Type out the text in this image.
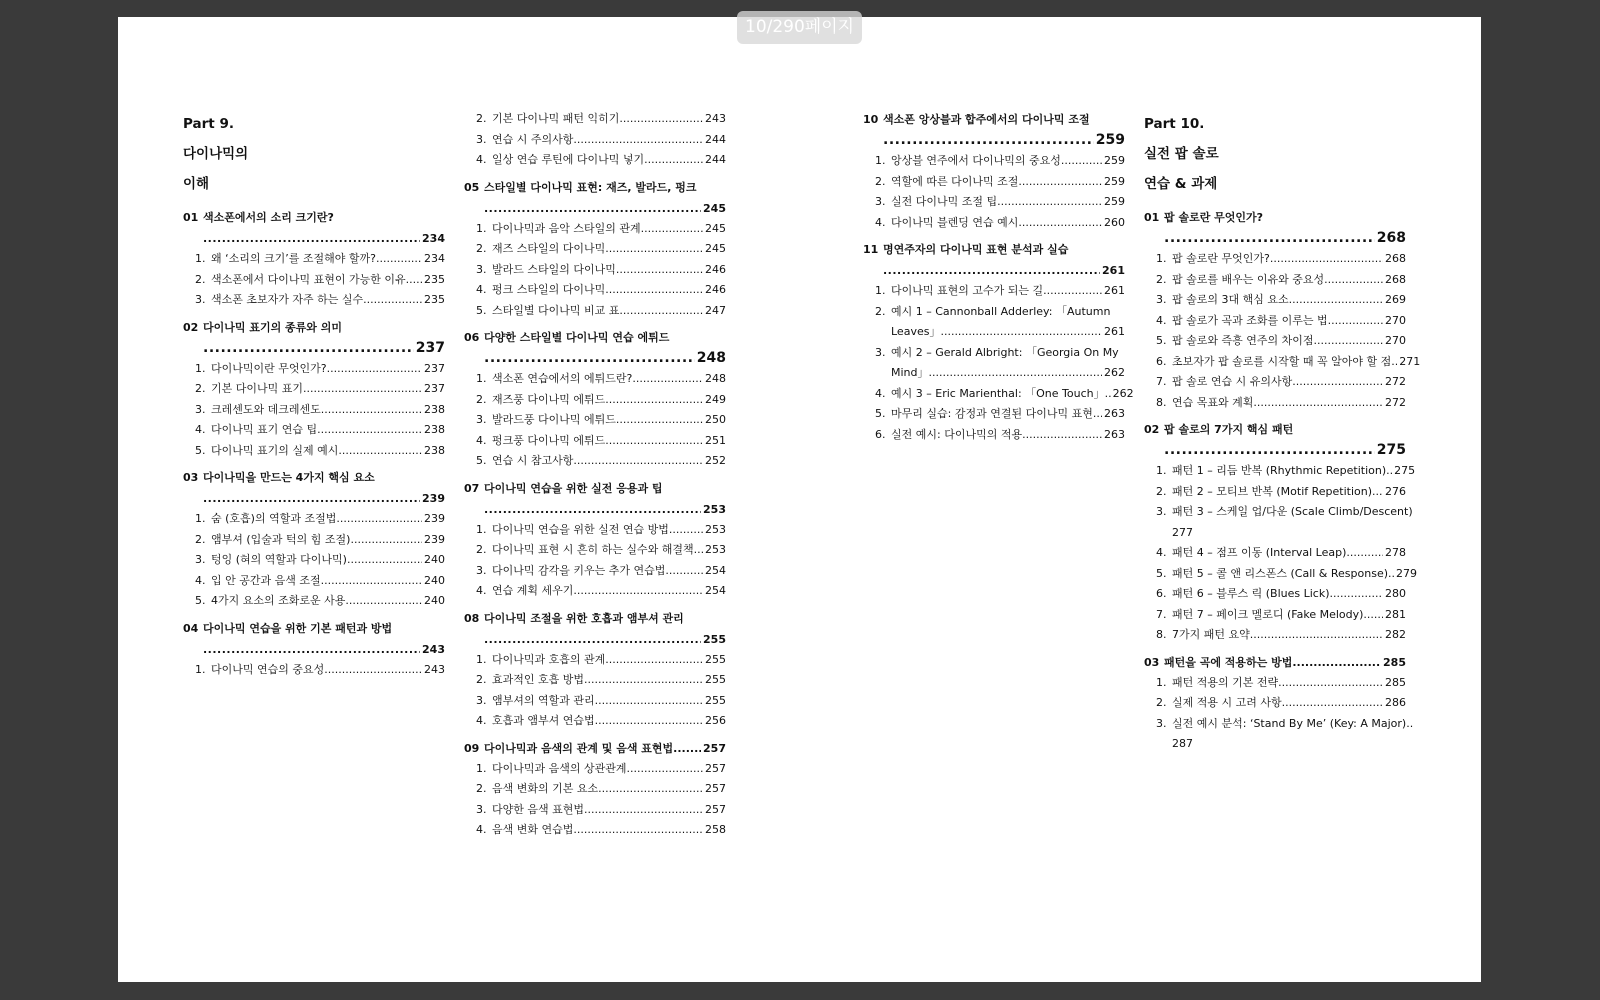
10/290페이지
Part 9.
다이나믹의
이해
01 색소폰에서의 소리 크기란?
.....
234
1. 왜 ‘소리의 크기’를 조절해야 할까? .....	234
2. 색소폰에서 다이나믹 표현이 가능한 이유 ..... 235
3. 색소폰 초보자가 자주 하는 실수 .....	235
02 다이나믹 표기의 종류와 의미
.....
237
1. 다이나믹이란 무엇인가? .....	237
2. 기본 다이나믹 표기 .....	237
3. 크레센도와 데크레센도 .....	238
4. 다이나믹 표기 연습 팁 .....	238
5. 다이나믹 표기의 실제 예시 .....	238
03 다이나믹을 만드는 4가지 핵심 요소
.....
239
1. 숨 (호흡)의 역할과 조절법 .....	239
2. 앰부셔 (입술과 턱의 힘 조절) .....	239
3. 텅잉 (혀의 역할과 다이나믹) .....	240
4. 입 안 공간과 음색 조절 .....	240
5. 4가지 요소의 조화로운 사용 .....	240
04 다이나믹 연습을 위한 기본 패턴과 방법
.....
243
1. 다이나믹 연습의 중요성 .....	243
2. 기본 다이나믹 패턴 익히기 .....	243
3. 연습 시 주의사항 .....	244
4. 일상 연습 루틴에 다이나믹 넣기 .....	244
05 스타일별 다이나믹 표현: 재즈, 발라드, 펑크
.....
245
1. 다이나믹과 음악 스타일의 관계 .....	245
2. 재즈 스타일의 다이나믹 .....	245
3. 발라드 스타일의 다이나믹 .....	246
4. 펑크 스타일의 다이나믹 .....	246
5. 스타일별 다이나믹 비교 표 .....	247
06 다양한 스타일별 다이나믹 연습 에튀드
.....
248
1. 색소폰 연습에서의 에튀드란? .....	248
2. 재즈풍 다이나믹 에튀드 .....	249
3. 발라드풍 다이나믹 에튀드 .....	250
4. 펑크풍 다이나믹 에튀드 .....	251
5. 연습 시 참고사항 .....	252
07 다이나믹 연습을 위한 실전 응용과 팁
.....
253
1. 다이나믹 연습을 위한 실전 연습 방법 .....	253
2. 다이나믹 표현 시 흔히 하는 실수와 해결책 ..... 253
3. 다이나믹 감각을 키우는 추가 연습법 .....	254
4. 연습 계획 세우기 .....	254
08 다이나믹 조절을 위한 호흡과 앰부셔 관리
.....
255
1. 다이나믹과 호흡의 관계 .....	255
2. 효과적인 호흡 방법 .....	255
3. 앰부셔의 역할과 관리 .....	255
4. 호흡과 앰부셔 연습법 .....	256
09 다이나믹과 음색의 관계 및 음색 표현법 .....	257
1. 다이나믹과 음색의 상관관계 .....	257
2. 음색 변화의 기본 요소 .....	257
3. 다양한 음색 표현법 .....	257
4. 음색 변화 연습법 .....	258
10 색소폰 앙상블과 합주에서의 다이나믹 조절
.....
259
1. 앙상블 연주에서 다이나믹의 중요성 .....	259
2. 역할에 따른 다이나믹 조절 .....	259
3. 실전 다이나믹 조절 팁 .....	259
4. 다이나믹 블렌딩 연습 예시 .....	260
11 명연주자의 다이나믹 표현 분석과 실습
.....
261
1. 다이나믹 표현의 고수가 되는 길 .....	261
2. 예시 1 – Cannonball Adderley: 「Autumn
Leaves」 .....	261
3. 예시 2 – Gerald Albright: 「Georgia On My
Mind」 .....	262
4. 예시 3 – Eric Marienthal: 「One Touch」 ..... 262
5. 마무리 실습: 감정과 연결된 다이나믹 표현 ..... 263
6. 실전 예시: 다이나믹의 적용 .....	263
Part 10.
실전 팝 솔로
연습 & 과제
01 팝 솔로란 무엇인가?
.....
268
1. 팝 솔로란 무엇인가? .....	268
2. 팝 솔로를 배우는 이유와 중요성 .....	268
3. 팝 솔로의 3대 핵심 요소 .....	269
4. 팝 솔로가 곡과 조화를 이루는 법 .....	270
5. 팝 솔로와 즉흥 연주의 차이점 .....	270
6. 초보자가 팝 솔로를 시작할 때 꼭 알아야 할 점 ..... 271
7. 팝 솔로 연습 시 유의사항 .....	272
8. 연습 목표와 계획 .....	272
02 팝 솔로의 7가지 핵심 패턴
.....
275
1. 패턴 1 – 리듬 반복 (Rhythmic Repetition) ..... 275
2. 패턴 2 – 모티브 반복 (Motif Repetition) ..... 276
3. 패턴 3 – 스케일 업/다운 (Scale Climb/Descent)
277
4. 패턴 4 – 점프 이동 (Interval Leap) .....	278
5. 패턴 5 – 콜 앤 리스폰스 (Call & Response) ..... 279
6. 패턴 6 – 블루스 릭 (Blues Lick) .....	280
7. 패턴 7 – 페이크 멜로디 (Fake Melody) ..... 281
8. 7가지 패턴 요약 .....	282
03 패턴을 곡에 적용하는 방법 .....	285
1. 패턴 적용의 기본 전략 .....	285
2. 실제 적용 시 고려 사항 .....	286
3. 실전 예시 분석: ‘Stand By Me’ (Key: A Major)..
287
